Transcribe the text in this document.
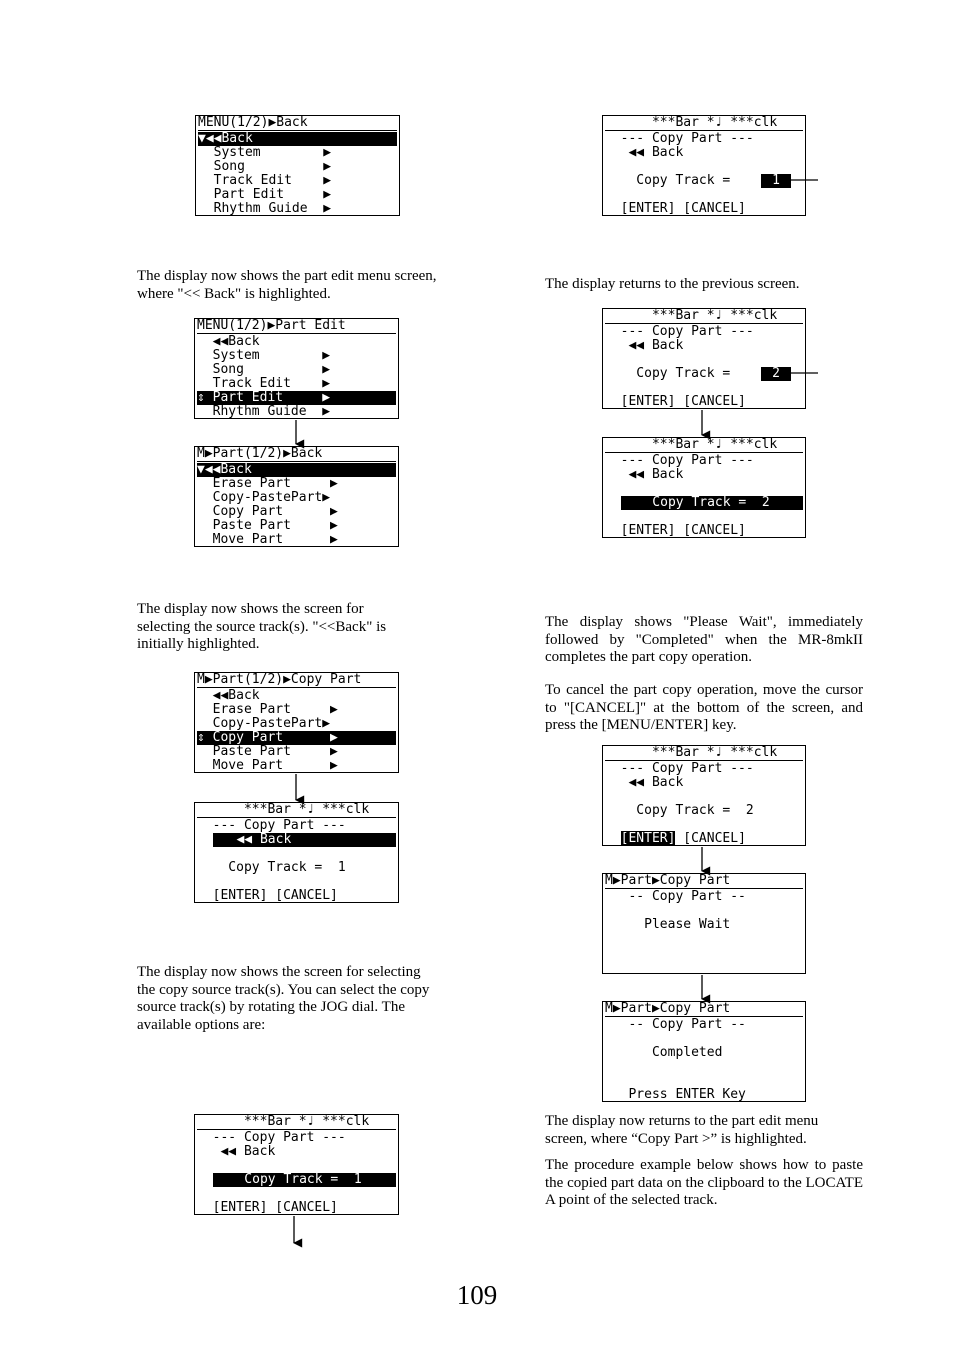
MENU(1/2)▶Back
▼◀◀Back
System        ▶
Song          ▶
Track Edit    ▶
Part Edit     ▶
Rhythm Guide  ▶
MENU(1/2)▶Part Edit
◀◀Back
System        ▶
Song          ▶
Track Edit    ▶
⇕ Part Edit     ▶
Rhythm Guide  ▶
M▶Part(1/2)▶Back
▼◀◀Back
Erase Part     ▶
Copy-PastePart▶
Copy Part      ▶
Paste Part     ▶
Move Part      ▶
M▶Part(1/2)▶Copy Part
◀◀Back
Erase Part     ▶
Copy-PastePart▶
⇕ Copy Part      ▶
Paste Part     ▶
Move Part      ▶
***Bar *♩ ***clk
--- Copy Part ---
◀◀ Back
Copy Track =  1
[ENTER] [CANCEL]
***Bar *♩ ***clk
--- Copy Part ---
◀◀ Back
Copy Track =  1
[ENTER] [CANCEL]
***Bar *♩ ***clk
--- Copy Part ---
◀◀ Back
Copy Track =	1
[ENTER] [CANCEL]
***Bar *♩ ***clk
--- Copy Part ---
◀◀ Back
Copy Track =	2
[ENTER] [CANCEL]
***Bar *♩ ***clk
--- Copy Part ---
◀◀ Back
Copy Track =  2
[ENTER] [CANCEL]
***Bar *♩ ***clk
--- Copy Part ---
◀◀ Back
Copy Track =  2
[ENTER] [CANCEL]
M▶Part▶Copy Part
-- Copy Part --
Please Wait
M▶Part▶Copy Part
-- Copy Part --
Completed
Press ENTER Key
The display now shows the part edit menu screen, where "<< Back" is highlighted.
The display now shows the screen for selecting the source track(s). "<<Back" is initially highlighted.
The display now shows the screen for selecting the copy source track(s). You can select the copy source track(s) by rotating the JOG dial. The available options are:
The display returns to the previous screen.
The display shows "Please Wait", immediately followed by "Completed" when the MR-8mkII completes the part copy operation.
To cancel the part copy operation, move the cursor to "[CANCEL]" at the bottom of the screen, and press the [MENU/ENTER] key.
The display now returns to the part edit menu screen, where “Copy Part >” is highlighted.
The procedure example below shows how to paste the copied part data on the clipboard to the LOCATE A point of the selected track.
109
